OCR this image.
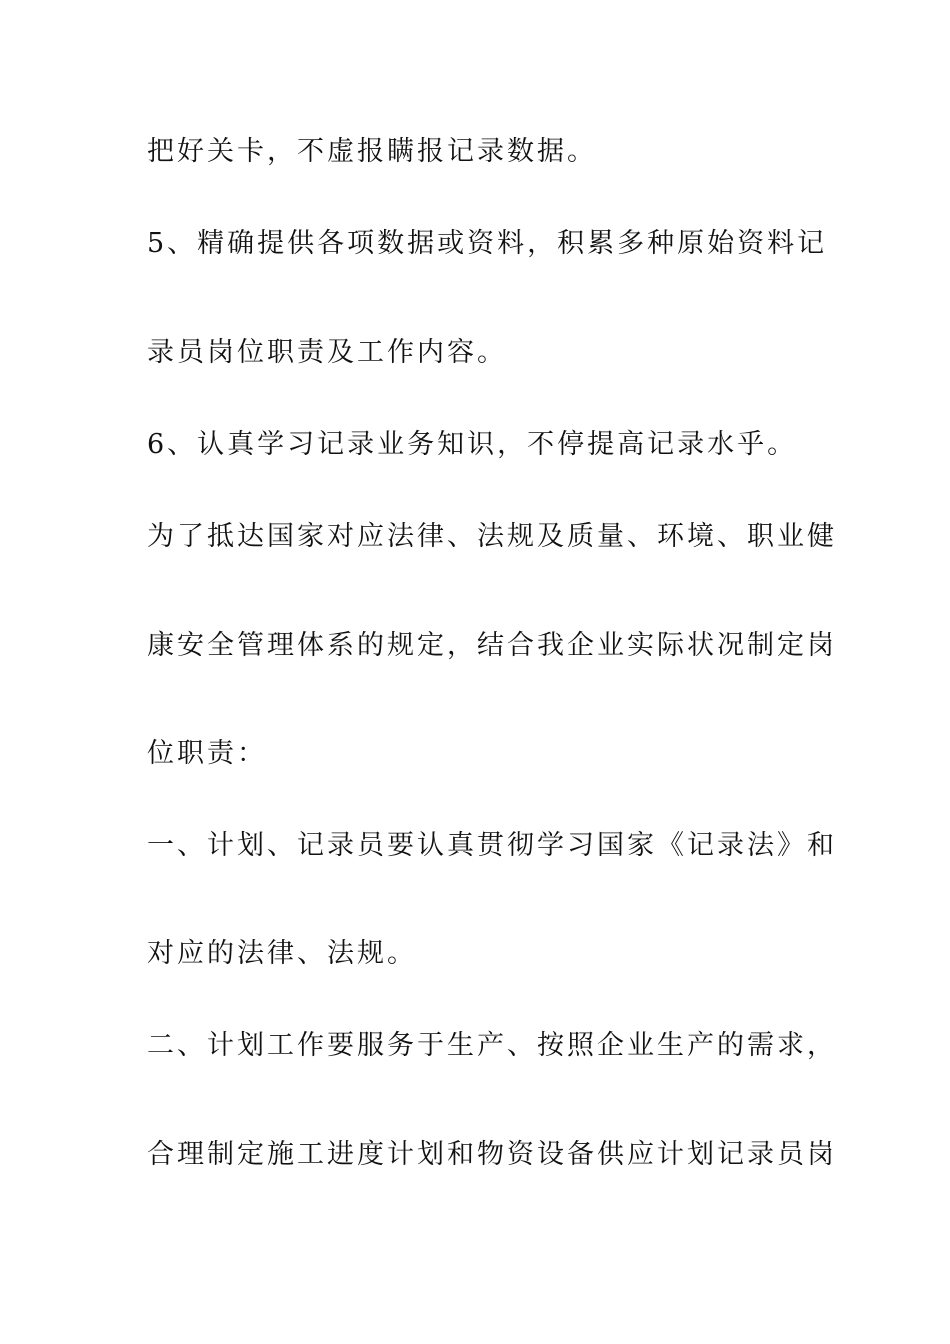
把好关卡，不虚报瞒报记录数据。
5、精确提供各项数据或资料，积累多种原始资料记
录员岗位职责及工作内容。
6、认真学习记录业务知识，不停提高记录水乎。
为了抵达国家对应法律、法规及质量、环境、职业健
康安全管理体系的规定，结合我企业实际状况制定岗
位职责：
一、计划、记录员要认真贯彻学习国家《记录法》和
对应的法律、法规。
二、计划工作要服务于生产、按照企业生产的需求，
合理制定施工进度计划和物资设备供应计划记录员岗
